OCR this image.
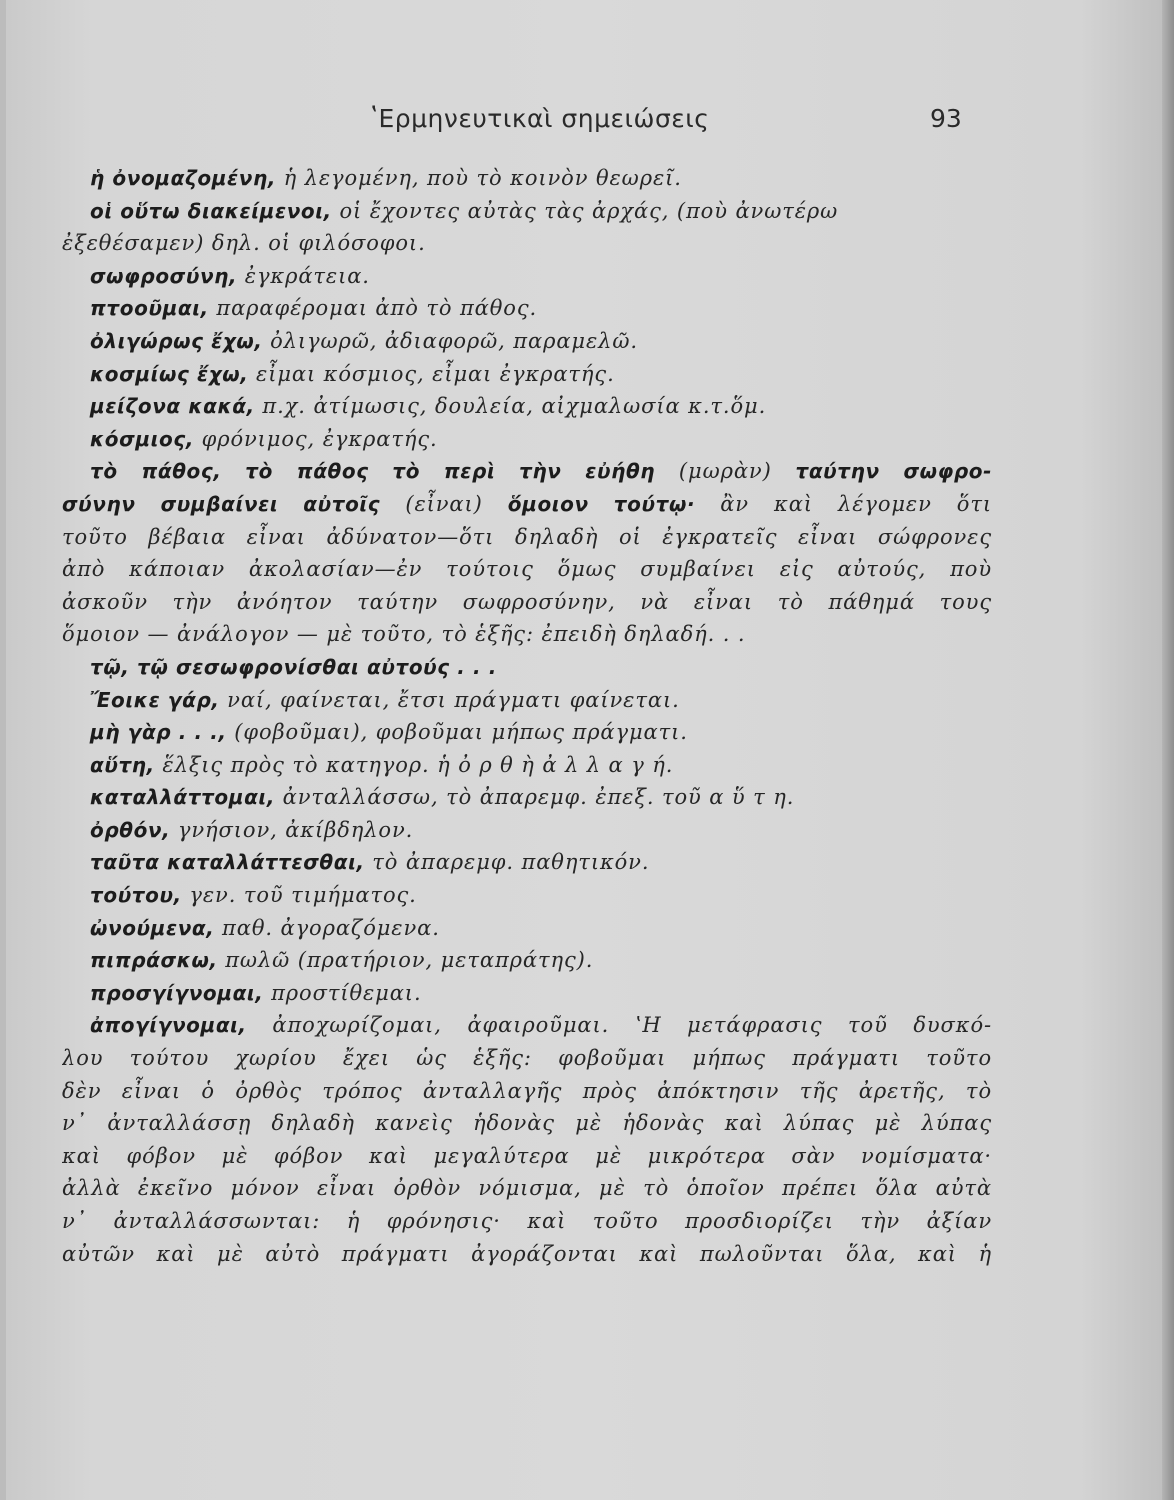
ʽΕρμηνευτικαὶ σημειώσεις	93
ἡ ὀνομαζομένη, ἡ λεγομένη, ποὺ τὸ κοινὸν θεωρεῖ.
οἱ οὕτω διακείμενοι, οἱ ἔχοντες αὐτὰς τὰς ἀρχάς, (ποὺ ἀνωτέρω
ἐξεθέσαμεν) δηλ. οἱ φιλόσοφοι.
σωφροσύνη, ἐγκράτεια.
πτοοῦμαι, παραφέρομαι ἀπὸ τὸ πάθος.
ὀλιγώρως ἔχω, ὀλιγωρῶ, ἀδιαφορῶ, παραμελῶ.
κοσμίως ἔχω, εἶμαι κόσμιος, εἶμαι ἐγκρατής.
μείζονα κακά, π.χ. ἀτίμωσις, δουλεία, αἰχμαλωσία κ.τ.ὅμ.
κόσμιος, φρόνιμος, ἐγκρατής.
τὸ πάθος, τὸ πάθος τὸ περὶ τὴν εὐήθη (μωρὰν) ταύτην σωφρο-
σύνην συμβαίνει αὐτοῖς (εἶναι) ὅμοιον τούτῳ· ἂν καὶ λέγομεν ὅτι
τοῦτο βέβαια εἶναι ἀδύνατον—ὅτι δηλαδὴ οἱ ἐγκρατεῖς εἶναι σώφρονες
ἀπὸ κάποιαν ἀκολασίαν—ἐν τούτοις ὅμως συμβαίνει εἰς αὐτούς, ποὺ
ἀσκοῦν τὴν ἀνόητον ταύτην σωφροσύνην, νὰ εἶναι τὸ πάθημά τους
ὅμοιον — ἀνάλογον — μὲ τοῦτο, τὸ ἑξῆς: ἐπειδὴ δηλαδή. . .
τῷ, τῷ σεσωφρονίσθαι αὐτούς . . .
Ἔοικε γάρ, ναί, φαίνεται, ἔτσι πράγματι φαίνεται.
μὴ γὰρ . . ., (φοβοῦμαι), φοβοῦμαι μήπως πράγματι.
αὕτη, ἕλξις πρὸς τὸ κατηγορ. ἡ ὀ ρ θ ὴ ἀ λ λ α γ ή.
καταλλάττομαι, ἀνταλλάσσω, τὸ ἀπαρεμφ. ἐπεξ. τοῦ α ὕ τ η.
ὀρθόν, γνήσιον, ἀκίβδηλον.
ταῦτα καταλλάττεσθαι, τὸ ἀπαρεμφ. παθητικόν.
τούτου, γεν. τοῦ τιμήματος.
ὠνούμενα, παθ. ἀγοραζόμενα.
πιπράσκω, πωλῶ (πρατήριον, μεταπράτης).
προσγίγνομαι, προστίθεμαι.
ἀπογίγνομαι, ἀποχωρίζομαι, ἀφαιροῦμαι. ʽΗ μετάφρασις τοῦ δυσκό-
λου τούτου χωρίου ἔχει ὡς ἑξῆς: φοβοῦμαι μήπως πράγματι τοῦτο
δὲν εἶναι ὁ ὀρθὸς τρόπος ἀνταλλαγῆς πρὸς ἀπόκτησιν τῆς ἀρετῆς, τὸ
ν᾽ ἀνταλλάσσῃ δηλαδὴ κανεὶς ἡδονὰς μὲ ἡδονὰς καὶ λύπας μὲ λύπας
καὶ φόβον μὲ φόβον καὶ μεγαλύτερα μὲ μικρότερα σὰν νομίσματα·
ἀλλὰ ἐκεῖνο μόνον εἶναι ὀρθὸν νόμισμα, μὲ τὸ ὁποῖον πρέπει ὅλα αὐτὰ
ν᾽ ἀνταλλάσσωνται: ἡ φρόνησις· καὶ τοῦτο προσδιορίζει τὴν ἀξίαν
αὐτῶν καὶ μὲ αὐτὸ πράγματι ἀγοράζονται καὶ πωλοῦνται ὅλα, καὶ ἡ
